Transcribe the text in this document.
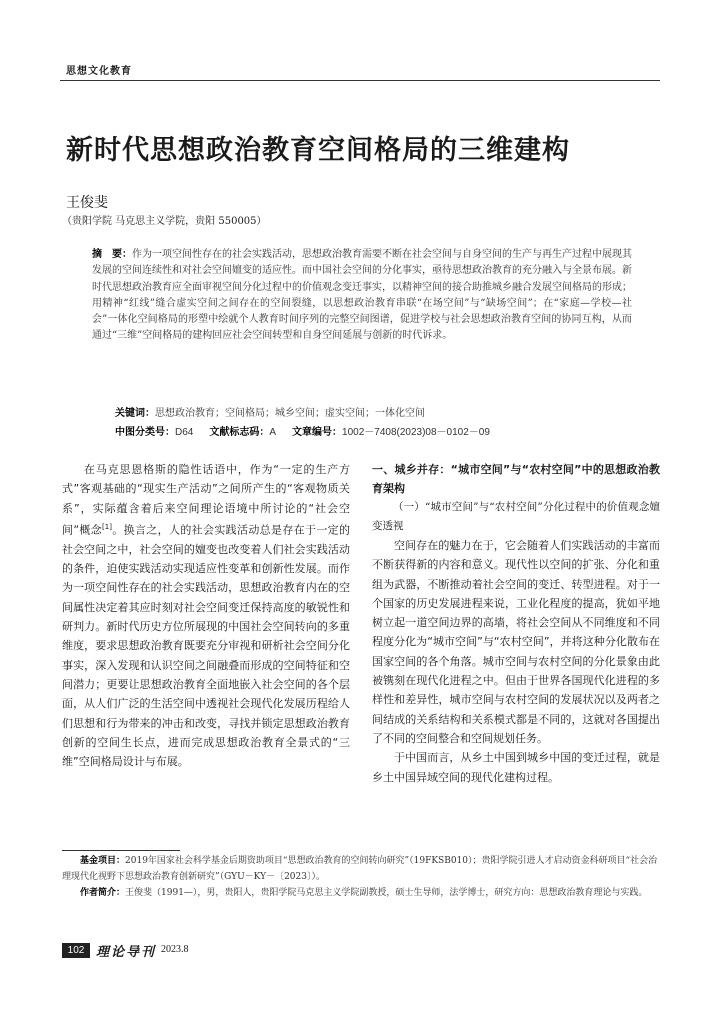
思想文化教育
新时代思想政治教育空间格局的三维建构
王俊斐
（贵阳学院 马克思主义学院，贵阳 550005）
摘　要：作为一项空间性存在的社会实践活动，思想政治教育需要不断在社会空间与自身空间的生产与再生产过程中展现其发展的空间连续性和对社会空间嬗变的适应性。而中国社会空间的分化事实，亟待思想政治教育的充分融入与全景布展。新时代思想政治教育应全面审视空间分化过程中的价值观念变迁事实，以精神空间的接合助推城乡融合发展空间格局的形成；用精神“红线”缝合虚实空间之间存在的空间裂缝，以思想政治教育串联“在场空间”与“缺场空间”；在“家庭—学校—社会”一体化空间格局的形塑中绘就个人教育时间序列的完整空间图谱，促进学校与社会思想政治教育空间的协同互构，从而通过“三维”空间格局的建构回应社会空间转型和自身空间延展与创新的时代诉求。
关键词：思想政治教育；空间格局；城乡空间；虚实空间；一体化空间
中图分类号：D64 文献标志码：A 文章编号：1002－7408(2023)08－0102－09

在马克思恩格斯的隐性话语中，作为“一定的生产方式”客观基础的“现实生产活动”之间所产生的“客观物质关系”，实际蕴含着后来空间理论语境中所讨论的“社会空间”概念[1]。换言之，人的社会实践活动总是存在于一定的社会空间之中，社会空间的嬗变也改变着人们社会实践活动的条件，迫使实践活动实现适应性变革和创新性发展。而作为一项空间性存在的社会实践活动，思想政治教育内在的空间属性决定着其应时刻对社会空间变迁保持高度的敏锐性和研判力。新时代历史方位所展现的中国社会空间转向的多重维度，要求思想政治教育既要充分审视和研析社会空间分化事实，深入发现和认识空间之间融叠而形成的空间特征和空间潜力；更要让思想政治教育全面地嵌入社会空间的各个层面，从人们广泛的生活空间中透视社会现代化发展历程给人们思想和行为带来的冲击和改变，寻找并锁定思想政治教育创新的空间生长点，进而完成思想政治教育全景式的“三维”空间格局设计与布展。

一、城乡并存：“城市空间”与“农村空间”中的思想政治教育架构
（一）“城市空间”与“农村空间”分化过程中的价值观念嬗变透视

空间存在的魅力在于，它会随着人们实践活动的丰富而不断获得新的内容和意义。现代性以空间的扩张、分化和重组为武器，不断推动着社会空间的变迁、转型进程。对于一个国家的历史发展进程来说，工业化程度的提高，犹如平地树立起一道空间边界的高墙，将社会空间从不同维度和不同程度分化为“城市空间”与“农村空间”，并将这种分化散布在国家空间的各个角落。城市空间与农村空间的分化景象由此被镌刻在现代化进程之中。但由于世界各国现代化进程的多样性和差异性，城市空间与农村空间的发展状况以及两者之间结成的关系结构和关系模式都是不同的，这就对各国提出了不同的空间整合和空间规划任务。

于中国而言，从乡土中国到城乡中国的变迁过程，就是乡土中国异域空间的现代化建构过程。

基金项目：2019年国家社会科学基金后期资助项目“思想政治教育的空间转向研究”（19FKSB010）；贵阳学院引进人才启动资金科研项目“社会治理现代化视野下思想政治教育创新研究”（GYU－KY－〔2023〕）。

作者简介：王俊斐（1991—），男，贵阳人，贵阳学院马克思主义学院副教授，硕士生导师，法学博士，研究方向：思想政治教育理论与实践。

102 理论导刊 2023.8
